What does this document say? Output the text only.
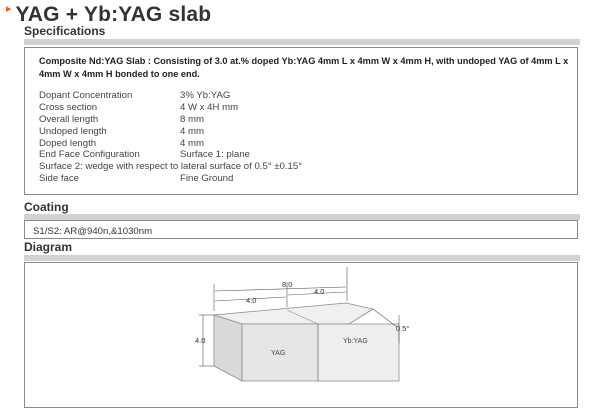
▸ YAG + Yb:YAG slab
Specifications
Composite Nd:YAG Slab : Consisting of 3.0 at.% doped Yb:YAG 4mm L x 4mm W x 4mm H, with undoped YAG of 4mm L x 4mm W x 4mm H bonded to one end.
Dopant Concentration	3% Yb:YAG
Cross section	4 W x 4H mm
Overall length	8 mm
Undoped length	4 mm
Doped length	4 mm
End Face Configuration	Surface 1: plane
Surface 2: wedge with respect to lateral surface of 0.5° ±0.15°
Side face	Fine Ground
Coating
S1/S2: AR@940n,&1030nm
Diagram
8.0
4.0
4.0
4.0
YAG
Yb:YAG
0.5°
